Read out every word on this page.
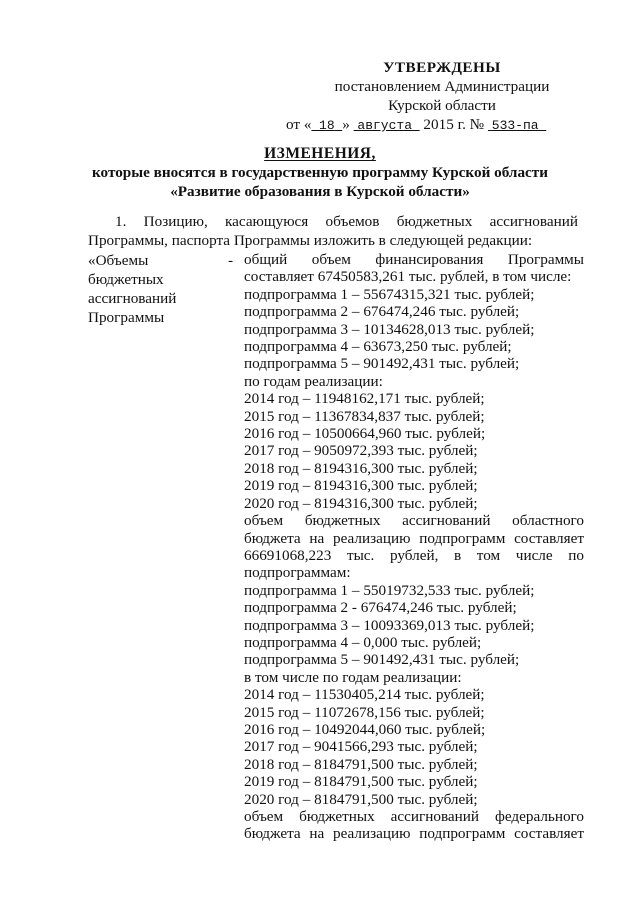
УТВЕРЖДЕНЫ
постановлением Администрации
Курской области
от « 18 » августа 2015 г. № 533-па
ИЗМЕНЕНИЯ,
которые вносятся в государственную программу Курской области
«Развитие образования в Курской области»
1. Позицию, касающуюся объемов бюджетных ассигнований
Программы, паспорта Программы изложить в следующей редакции:
«Объемы
бюджетных
ассигнований
Программы
- общий объем финансирования Программы
составляет 67450583,261 тыс. рублей, в том числе:
подпрограмма 1 – 55674315,321 тыс. рублей;
подпрограмма 2 – 676474,246 тыс. рублей;
подпрограмма 3 – 10134628,013 тыс. рублей;
подпрограмма 4 – 63673,250 тыс. рублей;
подпрограмма 5 – 901492,431 тыс. рублей;
по годам реализации:
2014 год – 11948162,171 тыс. рублей;
2015 год – 11367834,837 тыс. рублей;
2016 год – 10500664,960 тыс. рублей;
2017 год – 9050972,393 тыс. рублей;
2018 год – 8194316,300 тыс. рублей;
2019 год – 8194316,300 тыс. рублей;
2020 год – 8194316,300 тыс. рублей;
объем бюджетных ассигнований областного
бюджета на реализацию подпрограмм составляет
66691068,223 тыс. рублей, в том числе по
подпрограммам:
подпрограмма 1 – 55019732,533 тыс. рублей;
подпрограмма 2 - 676474,246 тыс. рублей;
подпрограмма 3 – 10093369,013 тыс. рублей;
подпрограмма 4 – 0,000 тыс. рублей;
подпрограмма 5 – 901492,431 тыс. рублей;
в том числе по годам реализации:
2014 год – 11530405,214 тыс. рублей;
2015 год – 11072678,156 тыс. рублей;
2016 год – 10492044,060 тыс. рублей;
2017 год – 9041566,293 тыс. рублей;
2018 год – 8184791,500 тыс. рублей;
2019 год – 8184791,500 тыс. рублей;
2020 год – 8184791,500 тыс. рублей;
объем бюджетных ассигнований федерального
бюджета на реализацию подпрограмм составляет
